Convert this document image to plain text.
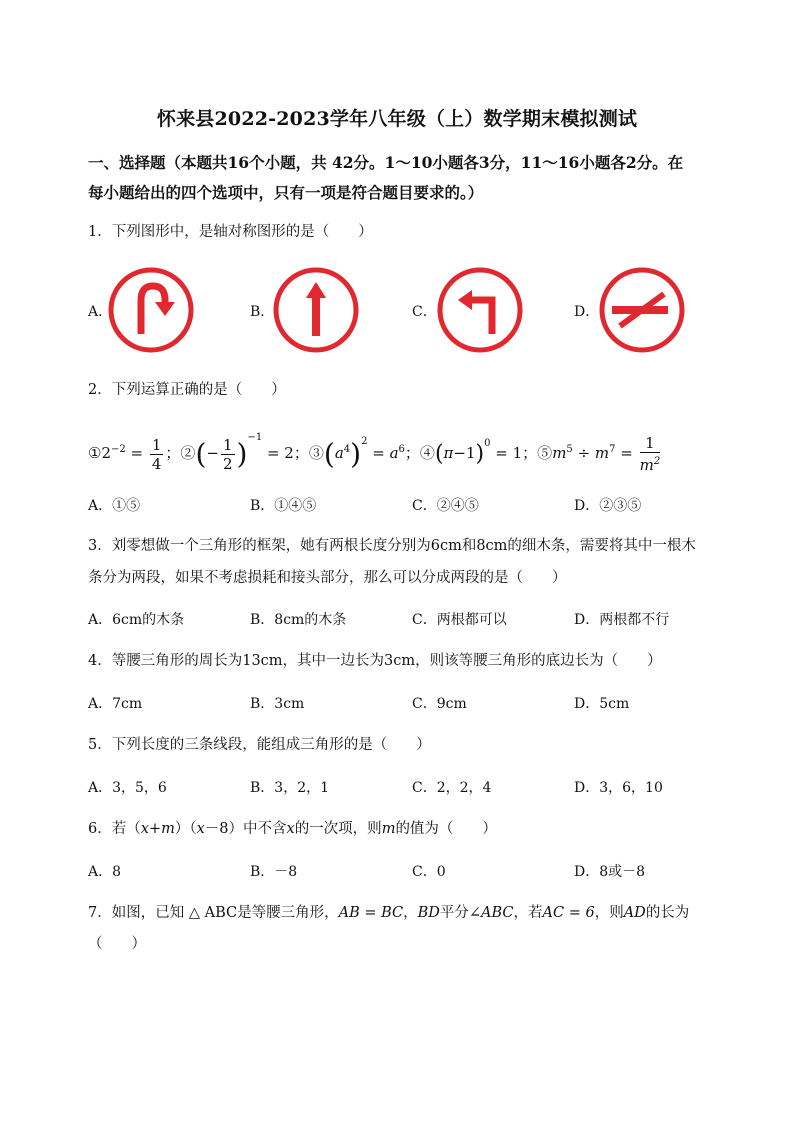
怀来县2022-2023学年八年级（上）数学期末模拟测试
一、选择题（本题共16个小题，共 42分。1～10小题各3分，11～16小题各2分。在
每小题给出的四个选项中，只有一项是符合题目要求的。）
1．下列图形中，是轴对称图形的是（　　）
A．	B．	C．	D．
2．下列运算正确的是（　　）
$①2^{-2} = \frac{1}{4}$ ；②(− $\frac{1}{2} )^{-1} = 2$；$③(a^4)^2 = a^6$；$④(\pi-1)^0 = 1$；$⑤m^5 \div m^7 = \frac{1}{m^2}$
A．①⑤	B．①④⑤	C．②④⑤	D．②③⑤
3．刘零想做一个三角形的框架，她有两根长度分别为6cm和8cm的细木条，需要将其中一根木
条分为两段，如果不考虑损耗和接头部分，那么可以分成两段的是（　　）
A．6cm的木条	B．8cm的木条	C．两根都可以	D．两根都不行
4．等腰三角形的周长为13cm，其中一边长为3cm，则该等腰三角形的底边长为（　　）
A．7cm	B．3cm	C．9cm	D．5cm
5．下列长度的三条线段，能组成三角形的是（　　）
A．3，5，6	B．3，2，1	C．2，2，4	D．3，6，10
6．若（x+m）（x－8）中不含x的一次项，则m的值为（　　）
A．8	B．－8	C．0	D．8或－8
7．如图，已知 △ ABC是等腰三角形，AB = BC，BD平分∠ABC，若AC = 6，则AD的长为
（　　）
